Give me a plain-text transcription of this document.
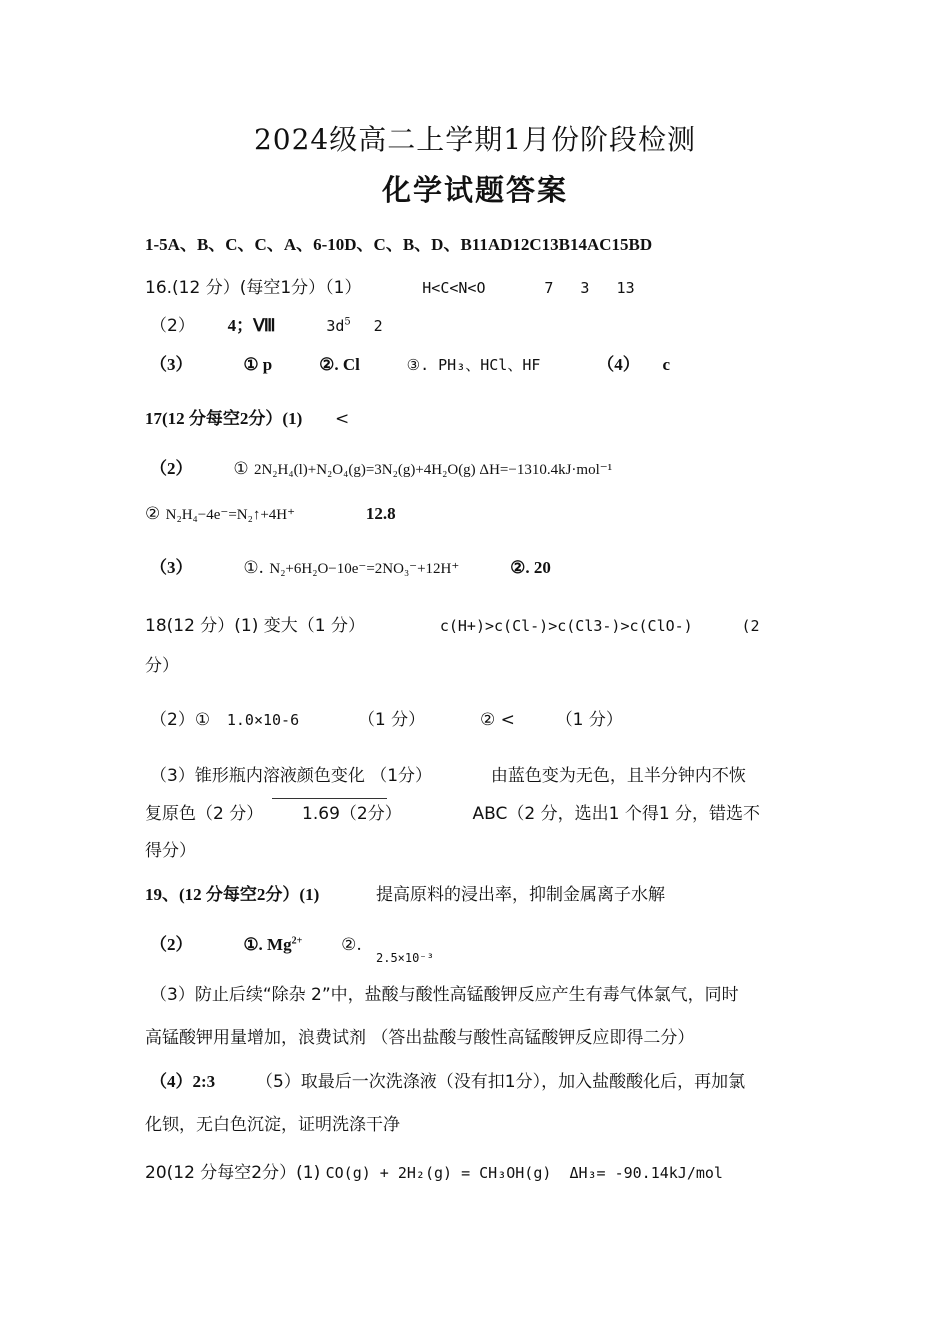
2024级高二上学期1月份阶段检测
化学试题答案
1-5A、B、C、C、A、6-10D、C、B、D、B11AD12C13B14AC15BD
16.(12 分）(每空1分）（1）	H<C<N<O	7   3   13
（2） 4；Ⅷ	$3d^5$ 2
（3）	① p	②. Cl	③. PH₃、HCl、HF	（4） c
17(12 分每空2分）(1) <
（2） ① 2N₂H₄(l)+N₂O₄(g)=3N₂(g)+4H₂O(g) ΔH=−1310.4kJ·mol⁻¹
② N₂H₄−4e⁻=N₂↑+4H⁺	12.8
（3）	①. N₂+6H₂O−10e⁻=2NO₃⁻+12H⁺	②. 20
18(12 分）(1) 变大（1 分）	c(H+)>c(Cl-)>c(Cl3-)>c(ClO-)	(2
分）
（2）① 1.0×10-6	（1 分）	② < （1 分）
（3）锥形瓶内溶液颜色变化 （1分）	由蓝色变为无色，且半分钟内不恢
复原色（2 分） 1.69（2分）	ABC（2 分，选出1 个得1 分，错选不
得分）
19、(12 分每空2分）(1)	提高原料的浸出率，抑制金属离子水解
（2）	①. $Mg^{2+}$ ②.
2.5×10⁻³
（3）防止后续“除杂 2”中，盐酸与酸性高锰酸钾反应产生有毒气体氯气，同时
高锰酸钾用量增加，浪费试剂 （答出盐酸与酸性高锰酸钾反应即得二分）
（4）2:3 （5）取最后一次洗涤液（没有扣1分），加入盐酸酸化后，再加氯
化钡，无白色沉淀，证明洗涤干净
20(12 分每空2分）(1) CO(g) + 2H₂(g) = CH₃OH(g)  ΔH₃= -90.14kJ/mol
